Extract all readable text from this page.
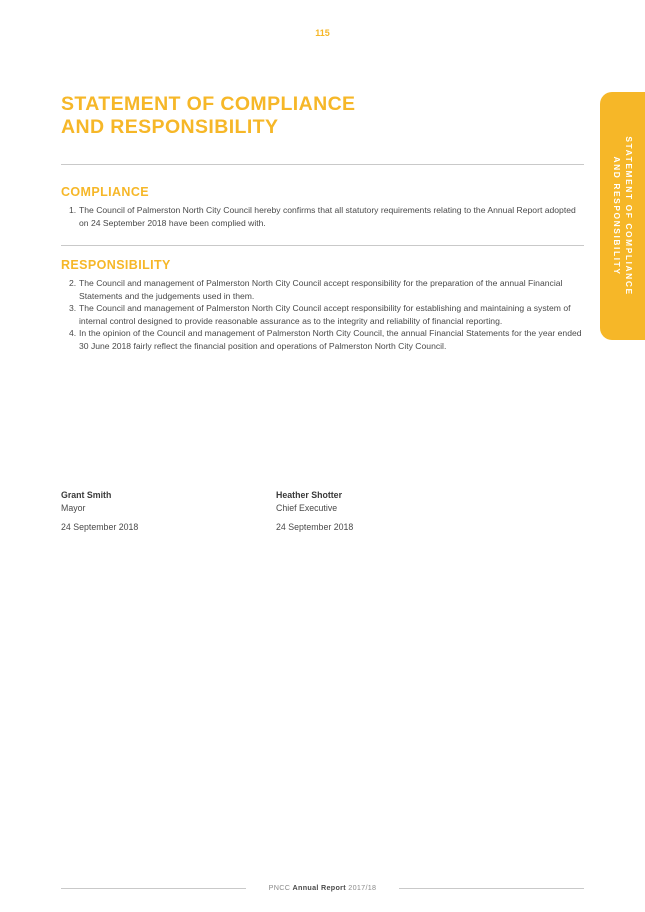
115
STATEMENT OF COMPLIANCE
AND RESPONSIBILITY
STATEMENT OF COMPLIANCE
AND RESPONSIBILITY
COMPLIANCE
1. The Council of Palmerston North City Council hereby confirms that all statutory requirements relating to the Annual Report adopted on 24 September 2018 have been complied with.
RESPONSIBILITY
2. The Council and management of Palmerston North City Council accept responsibility for the preparation of the annual Financial Statements and the judgements used in them.
3. The Council and management of Palmerston North City Council accept responsibility for establishing and maintaining a system of internal control designed to provide reasonable assurance as to the integrity and reliability of financial reporting.
4. In the opinion of the Council and management of Palmerston North City Council, the annual Financial Statements for the year ended 30 June 2018 fairly reflect the financial position and operations of Palmerston North City Council.
Grant Smith
Mayor
24 September 2018
Heather Shotter
Chief Executive
24 September 2018
PNCC Annual Report 2017/18
